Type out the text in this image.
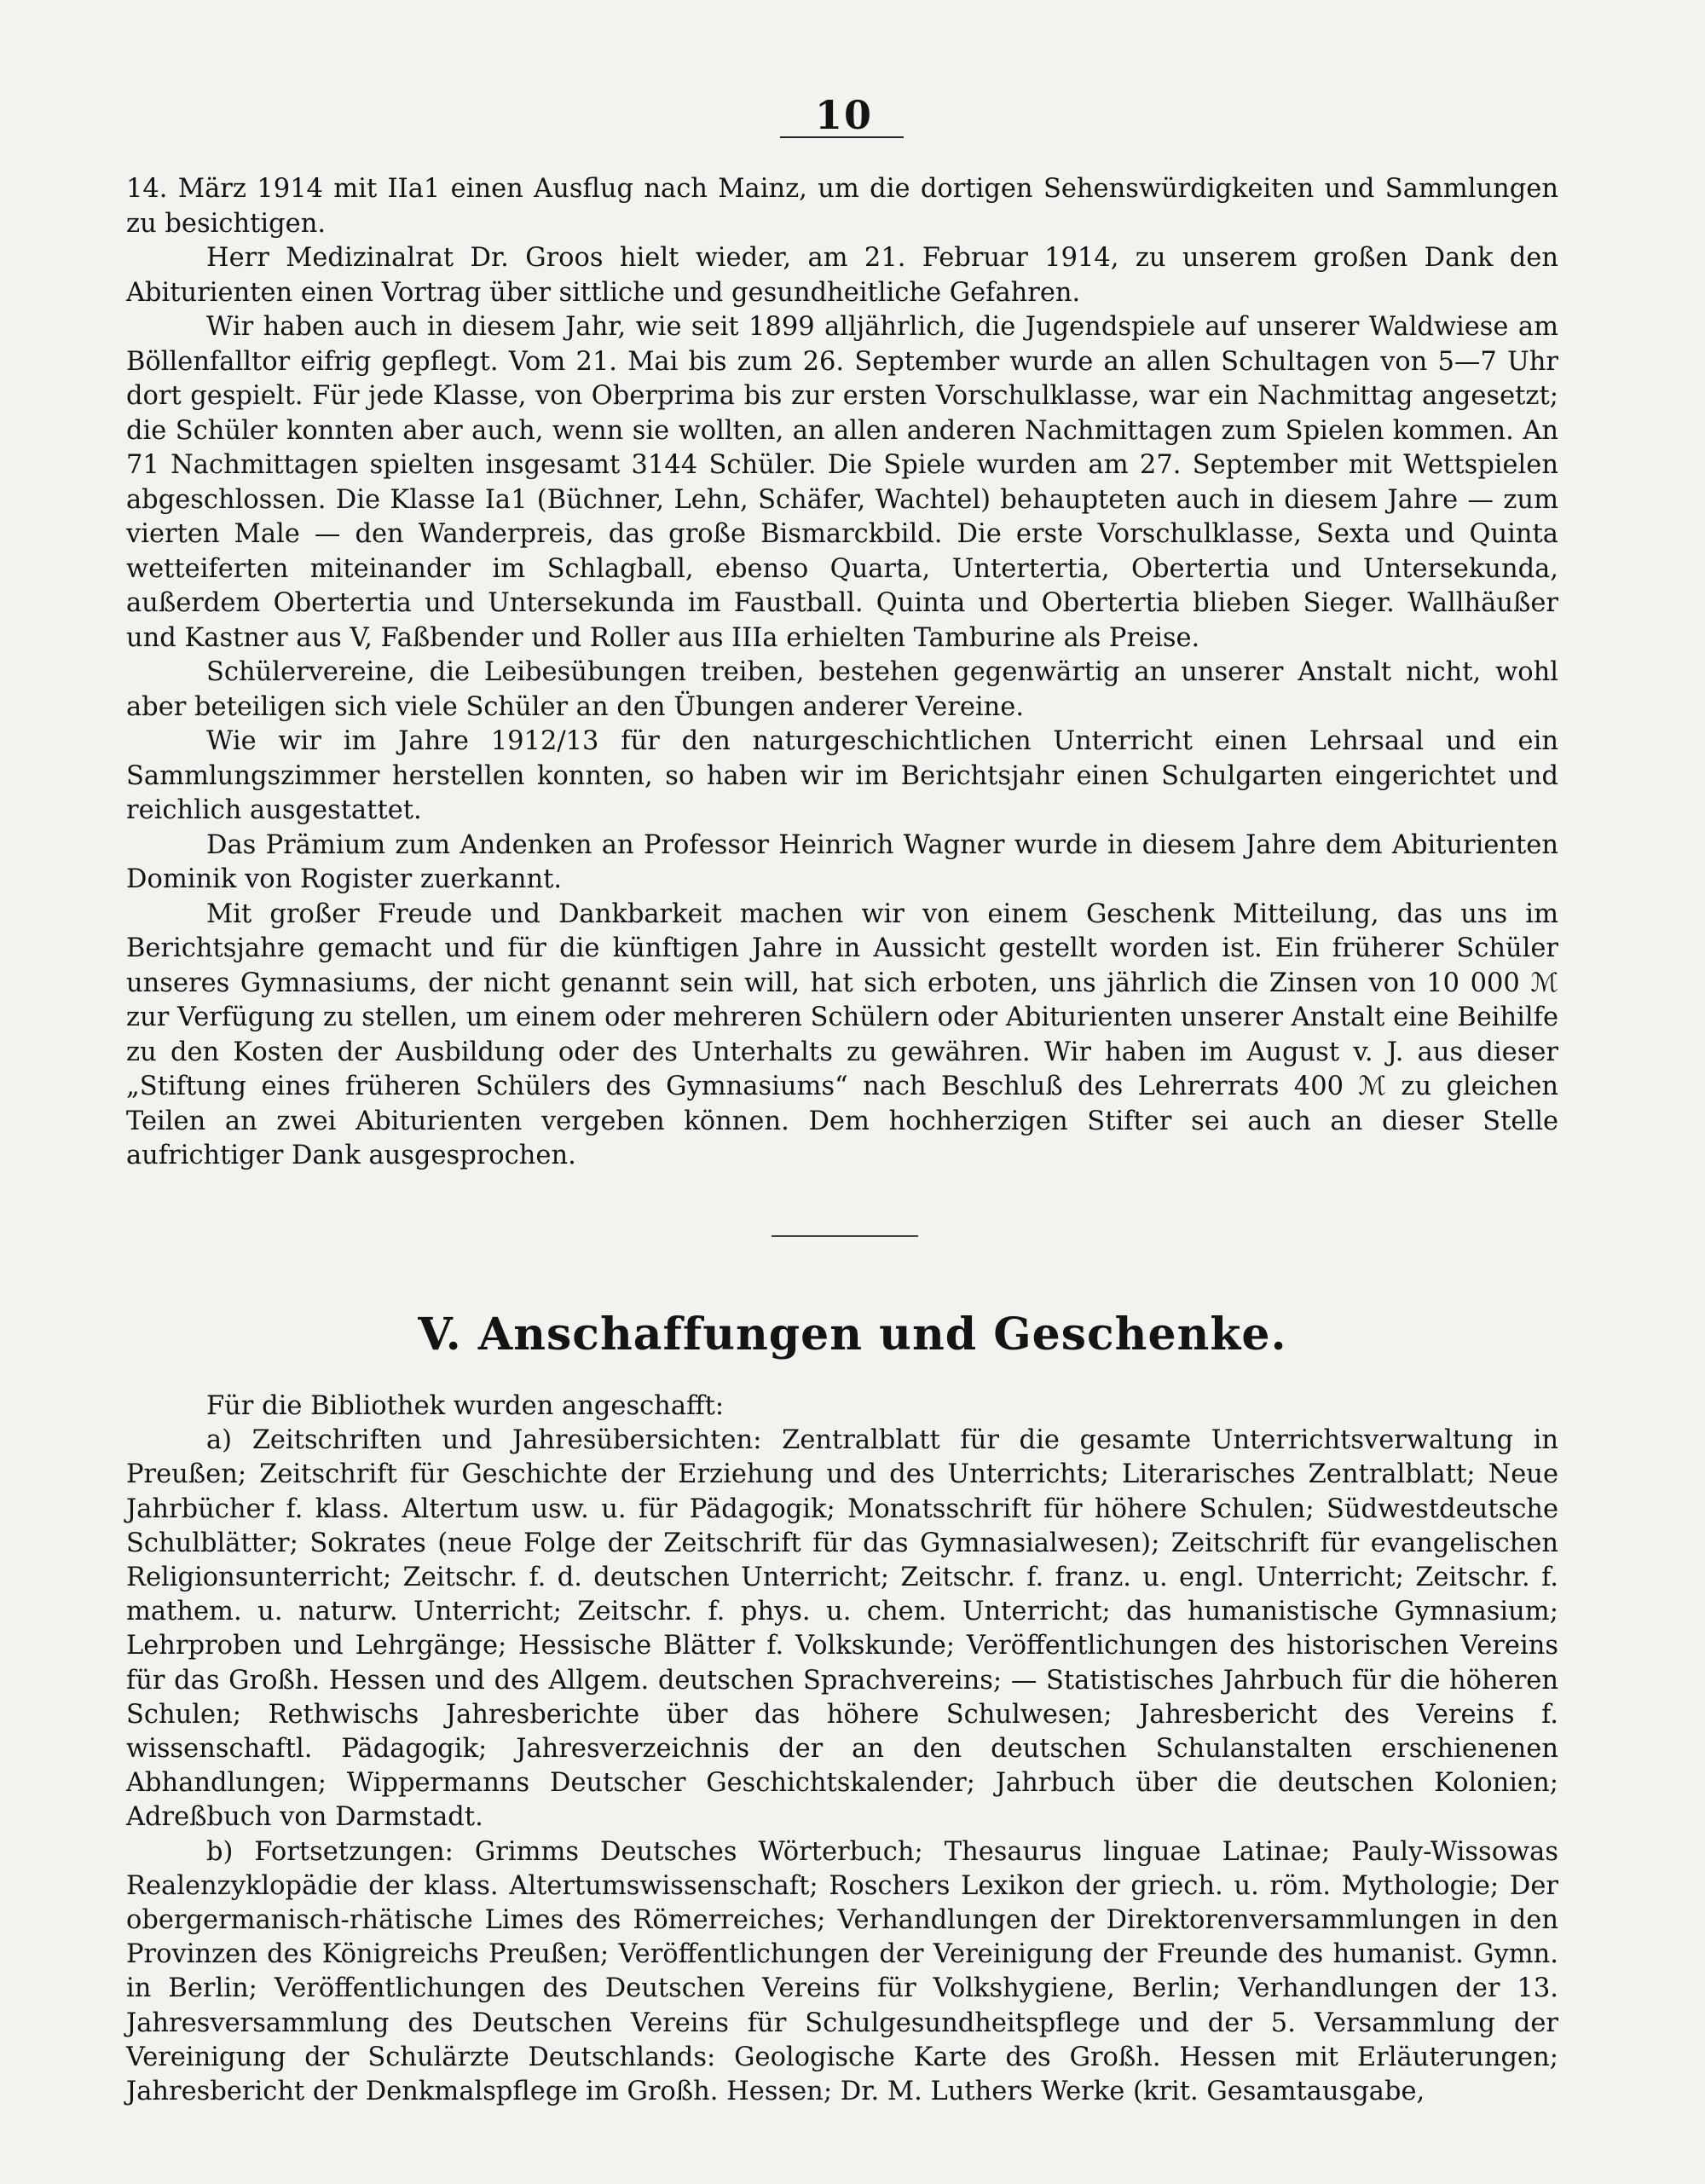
10

14. März 1914 mit IIa1 einen Ausflug nach Mainz, um die dortigen Sehenswürdigkeiten und Sammlungen zu besichtigen.

Herr Medizinalrat Dr. Groos hielt wieder, am 21. Februar 1914, zu unserem großen Dank den Abiturienten einen Vortrag über sittliche und gesundheitliche Gefahren.

Wir haben auch in diesem Jahr, wie seit 1899 alljährlich, die Jugendspiele auf unserer Waldwiese am Böllenfalltor eifrig gepflegt. Vom 21. Mai bis zum 26. September wurde an allen Schultagen von 5—7 Uhr dort gespielt. Für jede Klasse, von Oberprima bis zur ersten Vorschulklasse, war ein Nachmittag angesetzt; die Schüler konnten aber auch, wenn sie wollten, an allen anderen Nachmittagen zum Spielen kommen. An 71 Nachmittagen spielten insgesamt 3144 Schüler. Die Spiele wurden am 27. September mit Wettspielen abgeschlossen. Die Klasse Ia1 (Büchner, Lehn, Schäfer, Wachtel) behaupteten auch in diesem Jahre — zum vierten Male — den Wanderpreis, das große Bismarckbild. Die erste Vorschulklasse, Sexta und Quinta wetteiferten miteinander im Schlagball, ebenso Quarta, Untertertia, Obertertia und Untersekunda, außerdem Obertertia und Untersekunda im Faustball. Quinta und Obertertia blieben Sieger. Wallhäußer und Kastner aus V, Faßbender und Roller aus IIIa erhielten Tamburine als Preise.

Schülervereine, die Leibesübungen treiben, bestehen gegenwärtig an unserer Anstalt nicht, wohl aber beteiligen sich viele Schüler an den Übungen anderer Vereine.

Wie wir im Jahre 1912/13 für den naturgeschichtlichen Unterricht einen Lehrsaal und ein Sammlungszimmer herstellen konnten, so haben wir im Berichtsjahr einen Schulgarten eingerichtet und reichlich ausgestattet.

Das Prämium zum Andenken an Professor Heinrich Wagner wurde in diesem Jahre dem Abiturienten Dominik von Rogister zuerkannt.

Mit großer Freude und Dankbarkeit machen wir von einem Geschenk Mitteilung, das uns im Berichtsjahre gemacht und für die künftigen Jahre in Aussicht gestellt worden ist. Ein früherer Schüler unseres Gymnasiums, der nicht genannt sein will, hat sich erboten, uns jährlich die Zinsen von 10 000 ℳ zur Verfügung zu stellen, um einem oder mehreren Schülern oder Abiturienten unserer Anstalt eine Beihilfe zu den Kosten der Ausbildung oder des Unterhalts zu gewähren. Wir haben im August v. J. aus dieser „Stiftung eines früheren Schülers des Gymnasiums“ nach Beschluß des Lehrerrats 400 ℳ zu gleichen Teilen an zwei Abiturienten vergeben können. Dem hochherzigen Stifter sei auch an dieser Stelle aufrichtiger Dank ausgesprochen.

V. Anschaffungen und Geschenke.

Für die Bibliothek wurden angeschafft:

a) Zeitschriften und Jahresübersichten: Zentralblatt für die gesamte Unterrichtsverwaltung in Preußen; Zeitschrift für Geschichte der Erziehung und des Unterrichts; Literarisches Zentralblatt; Neue Jahrbücher f. klass. Altertum usw. u. für Pädagogik; Monatsschrift für höhere Schulen; Südwestdeutsche Schulblätter; Sokrates (neue Folge der Zeitschrift für das Gymnasialwesen); Zeitschrift für evangelischen Religionsunterricht; Zeitschr. f. d. deutschen Unterricht; Zeitschr. f. franz. u. engl. Unterricht; Zeitschr. f. mathem. u. naturw. Unterricht; Zeitschr. f. phys. u. chem. Unterricht; das humanistische Gymnasium; Lehrproben und Lehrgänge; Hessische Blätter f. Volkskunde; Veröffentlichungen des historischen Vereins für das Großh. Hessen und des Allgem. deutschen Sprachvereins; — Statistisches Jahrbuch für die höheren Schulen; Rethwischs Jahresberichte über das höhere Schulwesen; Jahresbericht des Vereins f. wissenschaftl. Pädagogik; Jahresverzeichnis der an den deutschen Schulanstalten erschienenen Abhandlungen; Wippermanns Deutscher Geschichtskalender; Jahrbuch über die deutschen Kolonien; Adreßbuch von Darmstadt.

b) Fortsetzungen: Grimms Deutsches Wörterbuch; Thesaurus linguae Latinae; Pauly-Wissowas Realenzyklopädie der klass. Altertumswissenschaft; Roschers Lexikon der griech. u. röm. Mythologie; Der obergermanisch-rhätische Limes des Römerreiches; Verhandlungen der Direktorenversammlungen in den Provinzen des Königreichs Preußen; Veröffentlichungen der Vereinigung der Freunde des humanist. Gymn. in Berlin; Veröffentlichungen des Deutschen Vereins für Volkshygiene, Berlin; Verhandlungen der 13. Jahresversammlung des Deutschen Vereins für Schulgesundheitspflege und der 5. Versammlung der Vereinigung der Schulärzte Deutschlands: Geologische Karte des Großh. Hessen mit Erläuterungen; Jahresbericht der Denkmalspflege im Großh. Hessen; Dr. M. Luthers Werke (krit. Gesamtausgabe,
